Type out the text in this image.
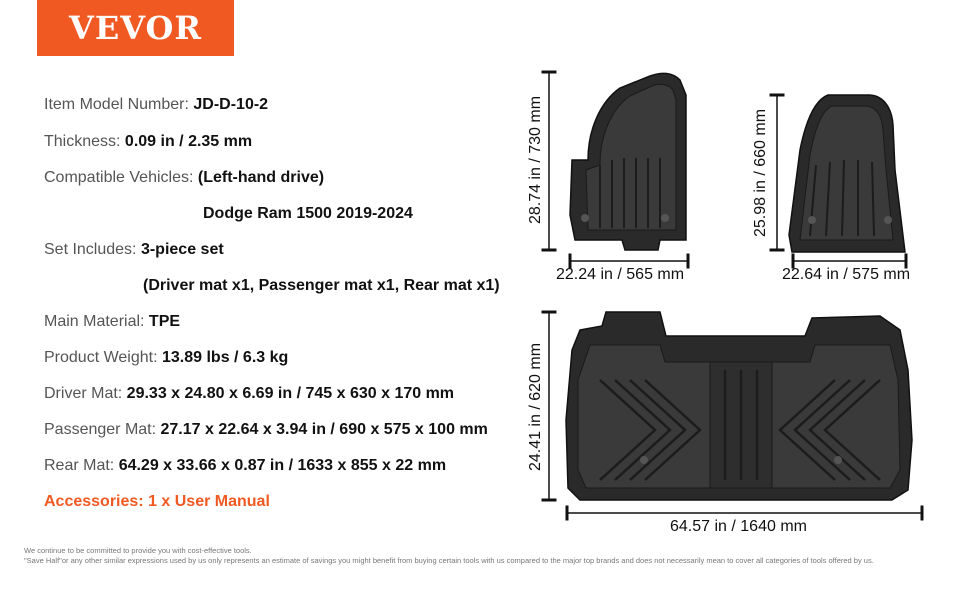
VEVOR
Item Model Number: JD-D-10-2
Thickness: 0.09 in / 2.35 mm
Compatible Vehicles: (Left-hand drive)
Dodge Ram 1500 2019-2024
Set Includes: 3-piece set
(Driver mat x1, Passenger mat x1, Rear mat x1)
Main Material: TPE
Product Weight: 13.89 lbs / 6.3 kg
Driver Mat: 29.33 x 24.80 x 6.69 in / 745 x 630 x 170 mm
Passenger Mat: 27.17 x 22.64 x 3.94 in / 690 x 575 x 100 mm
Rear Mat: 64.29 x 33.66 x 0.87 in / 1633 x 855 x 22 mm
Accessories: 1 x User Manual
28.74 in / 730 mm
22.24 in / 565 mm
25.98 in / 660 mm
22.64 in / 575 mm
24.41 in / 620 mm
64.57 in / 1640 mm
We continue to be committed to provide you with cost-effective tools.
"Save Half"or any other similar expressions used by us only represents an estimate of savings you might benefit from buying certain tools with us compared to the major top brands and does not necessarily mean to cover all categories of tools offered by us.
